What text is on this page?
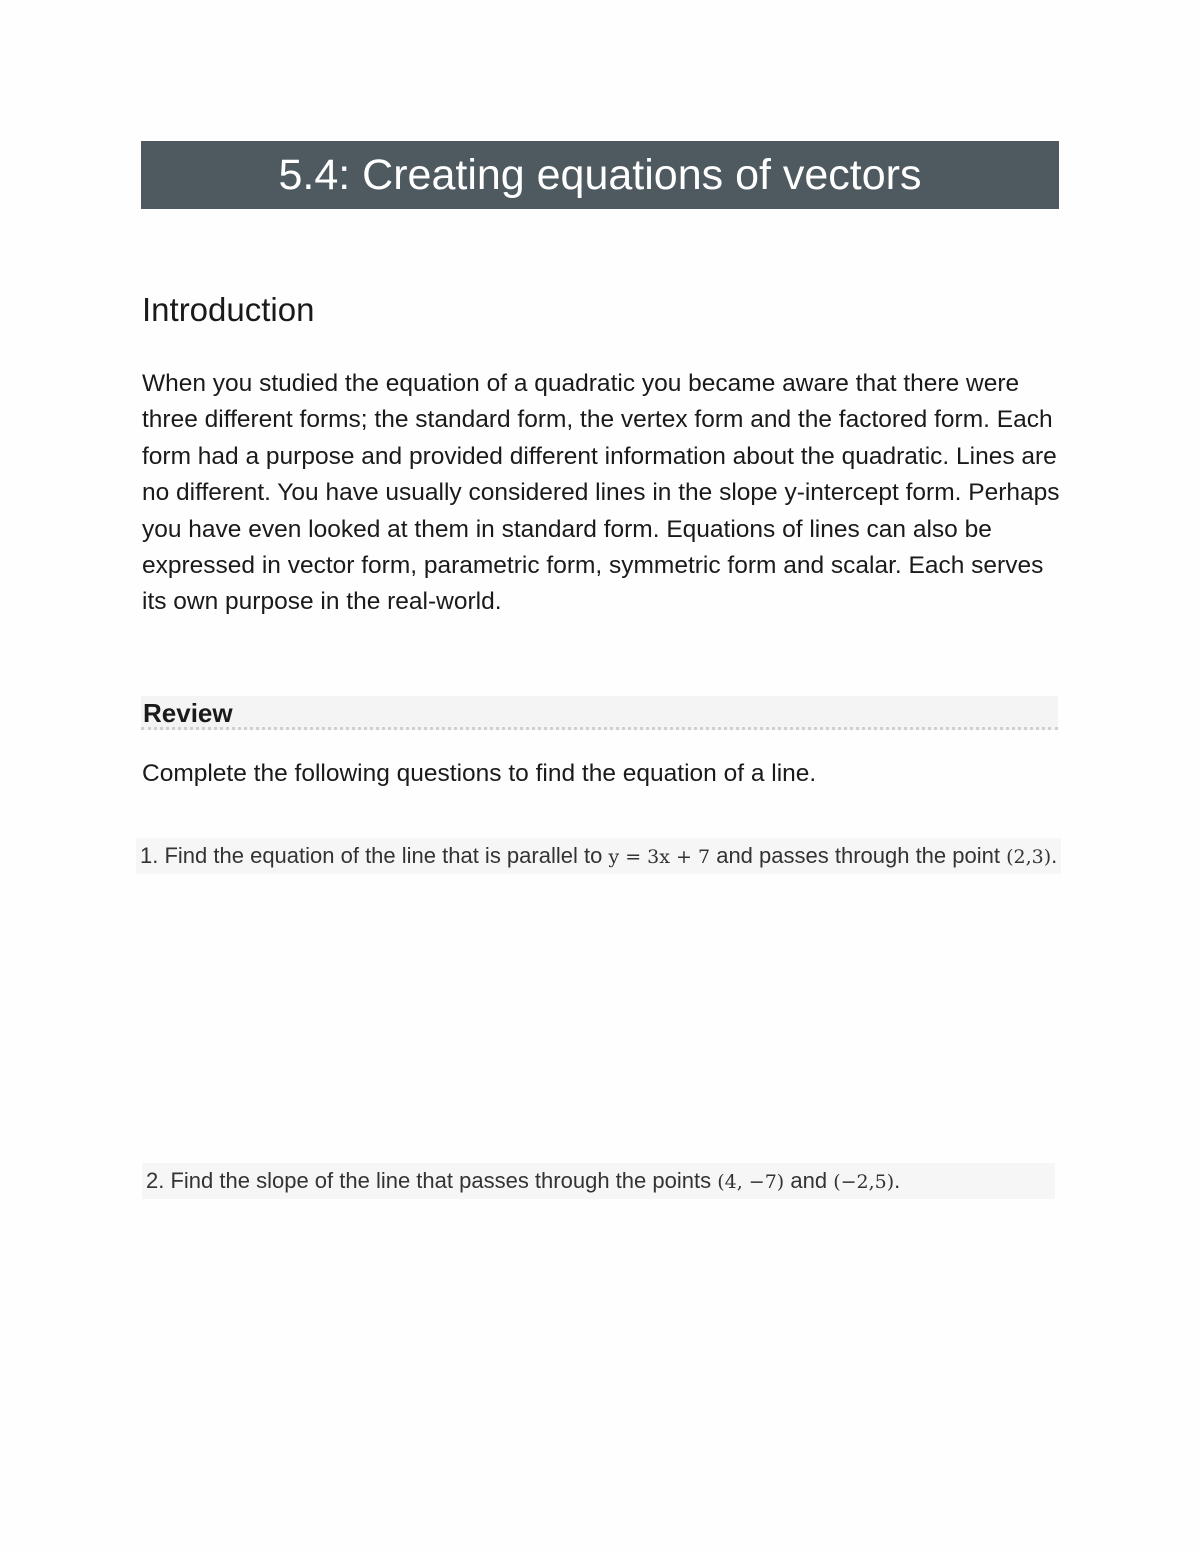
5.4: Creating equations of vectors
Introduction

When you studied the equation of a quadratic you became aware that there were three different forms; the standard form, the vertex form and the factored form. Each form had a purpose and provided different information about the quadratic. Lines are no different. You have usually considered lines in the slope y-intercept form. Perhaps you have even looked at them in standard form. Equations of lines can also be expressed in vector form, parametric form, symmetric form and scalar. Each serves its own purpose in the real-world.

Review

Complete the following questions to find the equation of a line.

1. Find the equation of the line that is parallel to y = 3x + 7 and passes through the point (2,3).
2. Find the slope of the line that passes through the points (4, −7) and (−2,5).
